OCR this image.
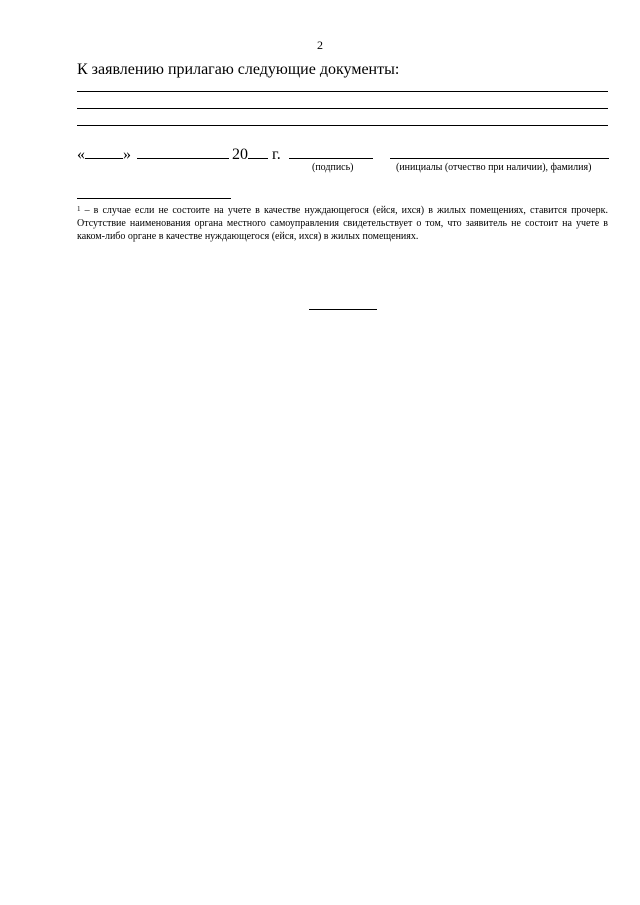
2
К заявлению прилагаю следующие документы:
« »	20 г.
(подпись)	(инициалы (отчество при наличии), фамилия)
$^1$ – в случае если не состоите на учете в качестве нуждающегося (ейся, ихся) в жилых помещениях, ставится прочерк. Отсутствие наименования органа местного самоуправления свидетельствует о том, что заявитель не состоит на учете в каком-либо органе в качестве нуждающегося (ейся, ихся) в жилых помещениях.
